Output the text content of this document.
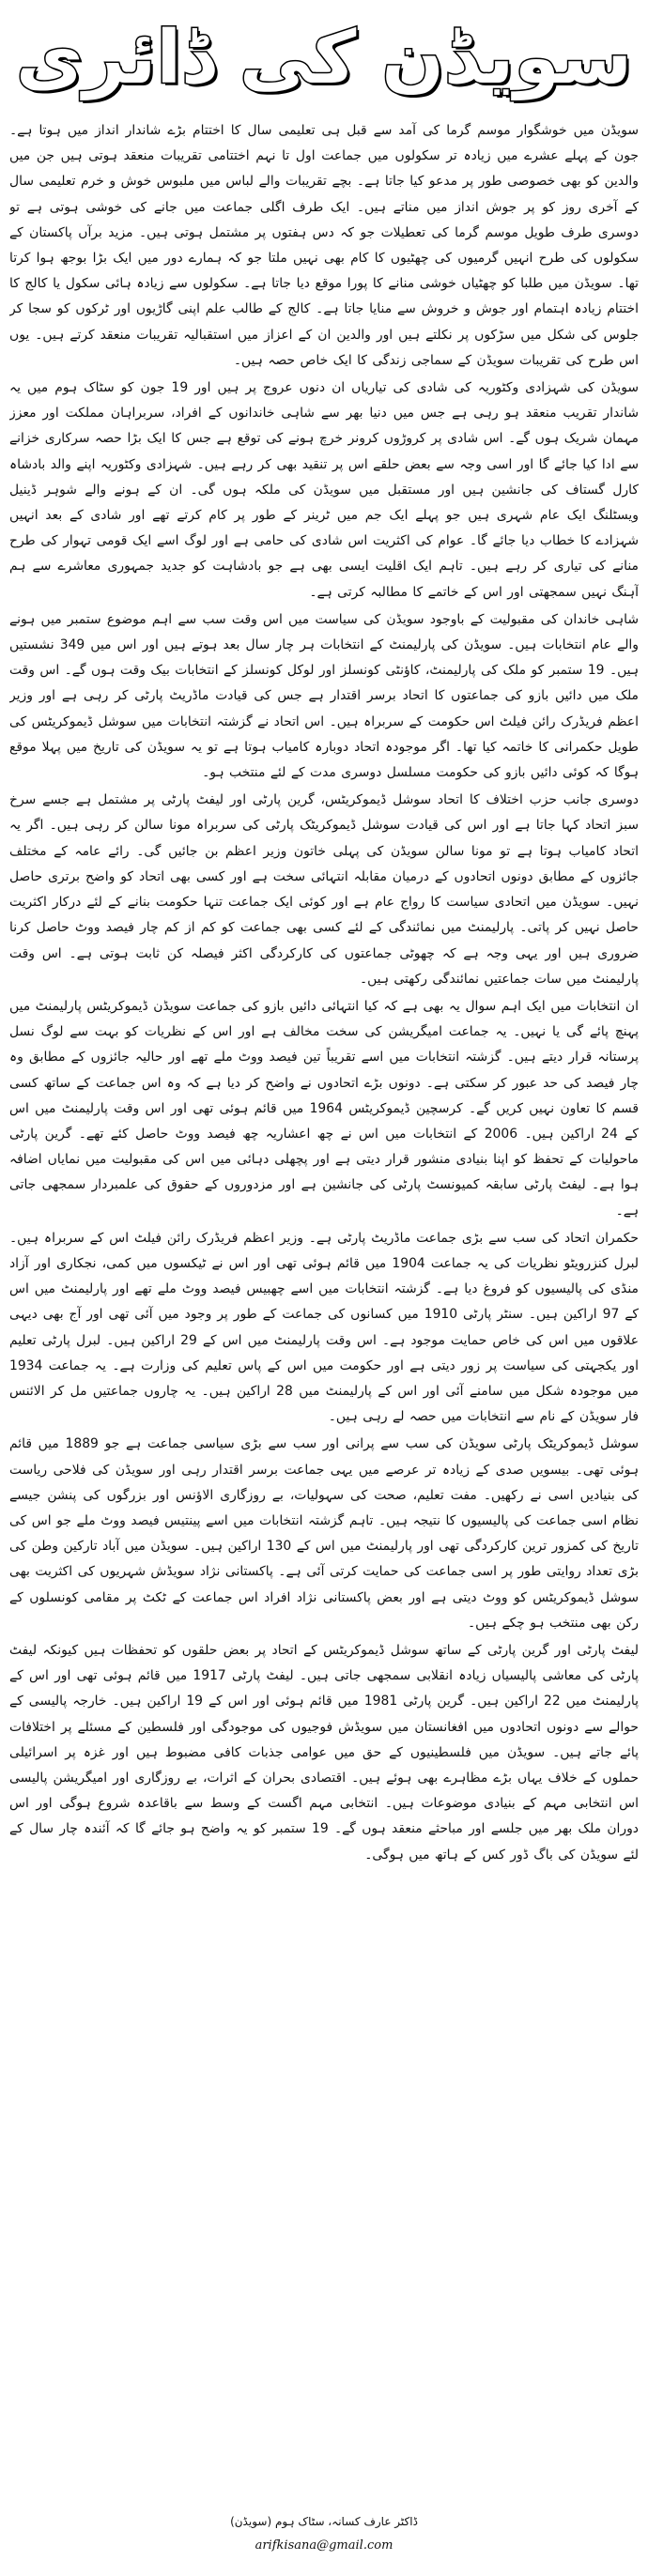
سویڈن کی ڈائری

سویڈن میں خوشگوار موسم گرما کی آمد سے قبل ہی تعلیمی سال کا اختتام بڑے شاندار انداز میں ہوتا ہے۔ جون کے پہلے عشرے میں زیادہ تر سکولوں میں جماعت اول تا نہم اختتامی تقریبات منعقد ہوتی ہیں جن میں والدین کو بھی خصوصی طور پر مدعو کیا جاتا ہے۔ بچے تقریبات والے لباس میں ملبوس خوش و خرم تعلیمی سال کے آخری روز کو پر جوش انداز میں مناتے ہیں۔ ایک طرف اگلی جماعت میں جانے کی خوشی ہوتی ہے تو دوسری طرف طویل موسم گرما کی تعطیلات جو کہ دس ہفتوں پر مشتمل ہوتی ہیں۔ مزید برآں پاکستان کے سکولوں کی طرح انہیں گرمیوں کی چھٹیوں کا کام بھی نہیں ملتا جو کہ ہمارے دور میں ایک بڑا بوجھ ہوا کرتا تھا۔ سویڈن میں طلبا کو چھٹیاں خوشی منانے کا پورا موقع دیا جاتا ہے۔ سکولوں سے زیادہ ہائی سکول یا کالج کا اختتام زیادہ اہتمام اور جوش و خروش سے منایا جاتا ہے۔ کالج کے طالب علم اپنی گاڑیوں اور ٹرکوں کو سجا کر جلوس کی شکل میں سڑکوں پر نکلتے ہیں اور والدین ان کے اعزاز میں استقبالیہ تقریبات منعقد کرتے ہیں۔ یوں اس طرح کی تقریبات سویڈن کے سماجی زندگی کا ایک خاص حصہ ہیں۔

سویڈن کی شہزادی وکٹوریہ کی شادی کی تیاریاں ان دنوں عروج پر ہیں اور 19 جون کو سٹاک ہوم میں یہ شاندار تقریب منعقد ہو رہی ہے جس میں دنیا بھر سے شاہی خاندانوں کے افراد، سربراہان مملکت اور معزز مہمان شریک ہوں گے۔ اس شادی پر کروڑوں کرونر خرچ ہونے کی توقع ہے جس کا ایک بڑا حصہ سرکاری خزانے سے ادا کیا جائے گا اور اسی وجہ سے بعض حلقے اس پر تنقید بھی کر رہے ہیں۔ شہزادی وکٹوریہ اپنے والد بادشاہ کارل گستاف کی جانشین ہیں اور مستقبل میں سویڈن کی ملکہ ہوں گی۔ ان کے ہونے والے شوہر ڈینیل ویسٹلنگ ایک عام شہری ہیں جو پہلے ایک جم میں ٹرینر کے طور پر کام کرتے تھے اور شادی کے بعد انہیں شہزادے کا خطاب دیا جائے گا۔ عوام کی اکثریت اس شادی کی حامی ہے اور لوگ اسے ایک قومی تہوار کی طرح منانے کی تیاری کر رہے ہیں۔ تاہم ایک اقلیت ایسی بھی ہے جو بادشاہت کو جدید جمہوری معاشرے سے ہم آہنگ نہیں سمجھتی اور اس کے خاتمے کا مطالبہ کرتی ہے۔

شاہی خاندان کی مقبولیت کے باوجود سویڈن کی سیاست میں اس وقت سب سے اہم موضوع ستمبر میں ہونے والے عام انتخابات ہیں۔ سویڈن کی پارلیمنٹ کے انتخابات ہر چار سال بعد ہوتے ہیں اور اس میں 349 نشستیں ہیں۔ 19 ستمبر کو ملک کی پارلیمنٹ، کاؤنٹی کونسلز اور لوکل کونسلز کے انتخابات بیک وقت ہوں گے۔ اس وقت ملک میں دائیں بازو کی جماعتوں کا اتحاد برسر اقتدار ہے جس کی قیادت ماڈریٹ پارٹی کر رہی ہے اور وزیر اعظم فریڈرک رائن فیلٹ اس حکومت کے سربراہ ہیں۔ اس اتحاد نے گزشتہ انتخابات میں سوشل ڈیموکریٹس کی طویل حکمرانی کا خاتمہ کیا تھا۔ اگر موجودہ اتحاد دوبارہ کامیاب ہوتا ہے تو یہ سویڈن کی تاریخ میں پہلا موقع ہوگا کہ کوئی دائیں بازو کی حکومت مسلسل دوسری مدت کے لئے منتخب ہو۔

دوسری جانب حزب اختلاف کا اتحاد سوشل ڈیموکریٹس، گرین پارٹی اور لیفٹ پارٹی پر مشتمل ہے جسے سرخ سبز اتحاد کہا جاتا ہے اور اس کی قیادت سوشل ڈیموکریٹک پارٹی کی سربراہ مونا سالن کر رہی ہیں۔ اگر یہ اتحاد کامیاب ہوتا ہے تو مونا سالن سویڈن کی پہلی خاتون وزیر اعظم بن جائیں گی۔ رائے عامہ کے مختلف جائزوں کے مطابق دونوں اتحادوں کے درمیان مقابلہ انتہائی سخت ہے اور کسی بھی اتحاد کو واضح برتری حاصل نہیں۔ سویڈن میں اتحادی سیاست کا رواج عام ہے اور کوئی ایک جماعت تنہا حکومت بنانے کے لئے درکار اکثریت حاصل نہیں کر پاتی۔ پارلیمنٹ میں نمائندگی کے لئے کسی بھی جماعت کو کم از کم چار فیصد ووٹ حاصل کرنا ضروری ہیں اور یہی وجہ ہے کہ چھوٹی جماعتوں کی کارکردگی اکثر فیصلہ کن ثابت ہوتی ہے۔ اس وقت پارلیمنٹ میں سات جماعتیں نمائندگی رکھتی ہیں۔

ان انتخابات میں ایک اہم سوال یہ بھی ہے کہ کیا انتہائی دائیں بازو کی جماعت سویڈن ڈیموکریٹس پارلیمنٹ میں پہنچ پائے گی یا نہیں۔ یہ جماعت امیگریشن کی سخت مخالف ہے اور اس کے نظریات کو بہت سے لوگ نسل پرستانہ قرار دیتے ہیں۔ گزشتہ انتخابات میں اسے تقریباً تین فیصد ووٹ ملے تھے اور حالیہ جائزوں کے مطابق وہ چار فیصد کی حد عبور کر سکتی ہے۔ دونوں بڑے اتحادوں نے واضح کر دیا ہے کہ وہ اس جماعت کے ساتھ کسی قسم کا تعاون نہیں کریں گے۔ کرسچین ڈیموکریٹس 1964 میں قائم ہوئی تھی اور اس وقت پارلیمنٹ میں اس کے 24 اراکین ہیں۔ 2006 کے انتخابات میں اس نے چھ اعشاریہ چھ فیصد ووٹ حاصل کئے تھے۔ گرین پارٹی ماحولیات کے تحفظ کو اپنا بنیادی منشور قرار دیتی ہے اور پچھلی دہائی میں اس کی مقبولیت میں نمایاں اضافہ ہوا ہے۔ لیفٹ پارٹی سابقہ کمیونسٹ پارٹی کی جانشین ہے اور مزدوروں کے حقوق کی علمبردار سمجھی جاتی ہے۔

حکمران اتحاد کی سب سے بڑی جماعت ماڈریٹ پارٹی ہے۔ وزیر اعظم فریڈرک رائن فیلٹ اس کے سربراہ ہیں۔ لبرل کنزرویٹو نظریات کی یہ جماعت 1904 میں قائم ہوئی تھی اور اس نے ٹیکسوں میں کمی، نجکاری اور آزاد منڈی کی پالیسیوں کو فروغ دیا ہے۔ گزشتہ انتخابات میں اسے چھبیس فیصد ووٹ ملے تھے اور پارلیمنٹ میں اس کے 97 اراکین ہیں۔ سنٹر پارٹی 1910 میں کسانوں کی جماعت کے طور پر وجود میں آئی تھی اور آج بھی دیہی علاقوں میں اس کی خاص حمایت موجود ہے۔ اس وقت پارلیمنٹ میں اس کے 29 اراکین ہیں۔ لبرل پارٹی تعلیم اور یکجہتی کی سیاست پر زور دیتی ہے اور حکومت میں اس کے پاس تعلیم کی وزارت ہے۔ یہ جماعت 1934 میں موجودہ شکل میں سامنے آئی اور اس کے پارلیمنٹ میں 28 اراکین ہیں۔ یہ چاروں جماعتیں مل کر الائنس فار سویڈن کے نام سے انتخابات میں حصہ لے رہی ہیں۔

سوشل ڈیموکریٹک پارٹی سویڈن کی سب سے پرانی اور سب سے بڑی سیاسی جماعت ہے جو 1889 میں قائم ہوئی تھی۔ بیسویں صدی کے زیادہ تر عرصے میں یہی جماعت برسر اقتدار رہی اور سویڈن کی فلاحی ریاست کی بنیادیں اسی نے رکھیں۔ مفت تعلیم، صحت کی سہولیات، بے روزگاری الاؤنس اور بزرگوں کی پنشن جیسے نظام اسی جماعت کی پالیسیوں کا نتیجہ ہیں۔ تاہم گزشتہ انتخابات میں اسے پینتیس فیصد ووٹ ملے جو اس کی تاریخ کی کمزور ترین کارکردگی تھی اور پارلیمنٹ میں اس کے 130 اراکین ہیں۔ سویڈن میں آباد تارکین وطن کی بڑی تعداد روایتی طور پر اسی جماعت کی حمایت کرتی آئی ہے۔ پاکستانی نژاد سویڈش شہریوں کی اکثریت بھی سوشل ڈیموکریٹس کو ووٹ دیتی ہے اور بعض پاکستانی نژاد افراد اس جماعت کے ٹکٹ پر مقامی کونسلوں کے رکن بھی منتخب ہو چکے ہیں۔

لیفٹ پارٹی اور گرین پارٹی کے ساتھ سوشل ڈیموکریٹس کے اتحاد پر بعض حلقوں کو تحفظات ہیں کیونکہ لیفٹ پارٹی کی معاشی پالیسیاں زیادہ انقلابی سمجھی جاتی ہیں۔ لیفٹ پارٹی 1917 میں قائم ہوئی تھی اور اس کے پارلیمنٹ میں 22 اراکین ہیں۔ گرین پارٹی 1981 میں قائم ہوئی اور اس کے 19 اراکین ہیں۔ خارجہ پالیسی کے حوالے سے دونوں اتحادوں میں افغانستان میں سویڈش فوجیوں کی موجودگی اور فلسطین کے مسئلے پر اختلافات پائے جاتے ہیں۔ سویڈن میں فلسطینیوں کے حق میں عوامی جذبات کافی مضبوط ہیں اور غزہ پر اسرائیلی حملوں کے خلاف یہاں بڑے مظاہرے بھی ہوئے ہیں۔ اقتصادی بحران کے اثرات، بے روزگاری اور امیگریشن پالیسی اس انتخابی مہم کے بنیادی موضوعات ہیں۔ انتخابی مہم اگست کے وسط سے باقاعدہ شروع ہوگی اور اس دوران ملک بھر میں جلسے اور مباحثے منعقد ہوں گے۔ 19 ستمبر کو یہ واضح ہو جائے گا کہ آئندہ چار سال کے لئے سویڈن کی باگ ڈور کس کے ہاتھ میں ہوگی۔

ڈاکٹر عارف کسانہ، سٹاک ہوم (سویڈن)

arifkisana@gmail.com
